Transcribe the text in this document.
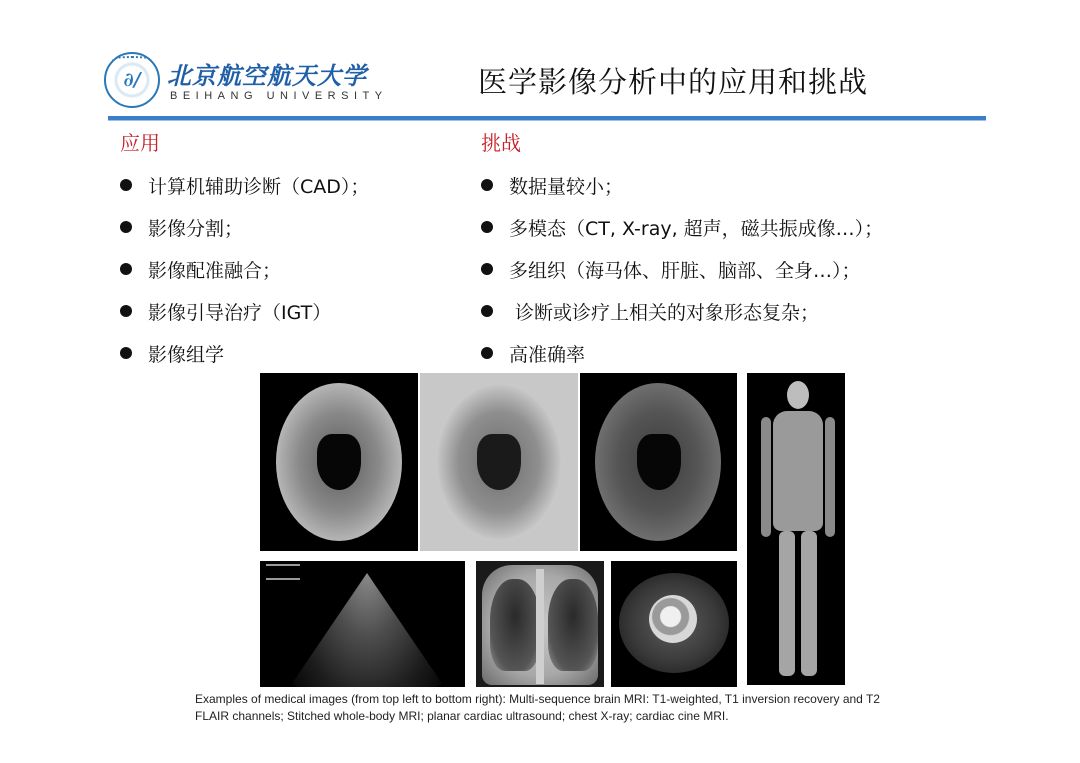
∂∕ 北京航空航天大学
BEIHANG UNIVERSITY	医学影像分析中的应用和挑战
应用
计算机辅助诊断（CAD）；
影像分割；
影像配准融合；
影像引导治疗（IGT）
影像组学
挑战
数据量较小；
多模态（CT, X-ray, 超声，磁共振成像…）；
多组织（海马体、肝脏、脑部、全身…）；
诊断或诊疗上相关的对象形态复杂；
高准确率

Examples of medical images (from top left to bottom right): Multi-sequence brain MRI: T1-weighted, T1 inversion recovery and T2 FLAIR channels; Stitched whole-body MRI; planar cardiac ultrasound; chest X-ray; cardiac cine MRI.
